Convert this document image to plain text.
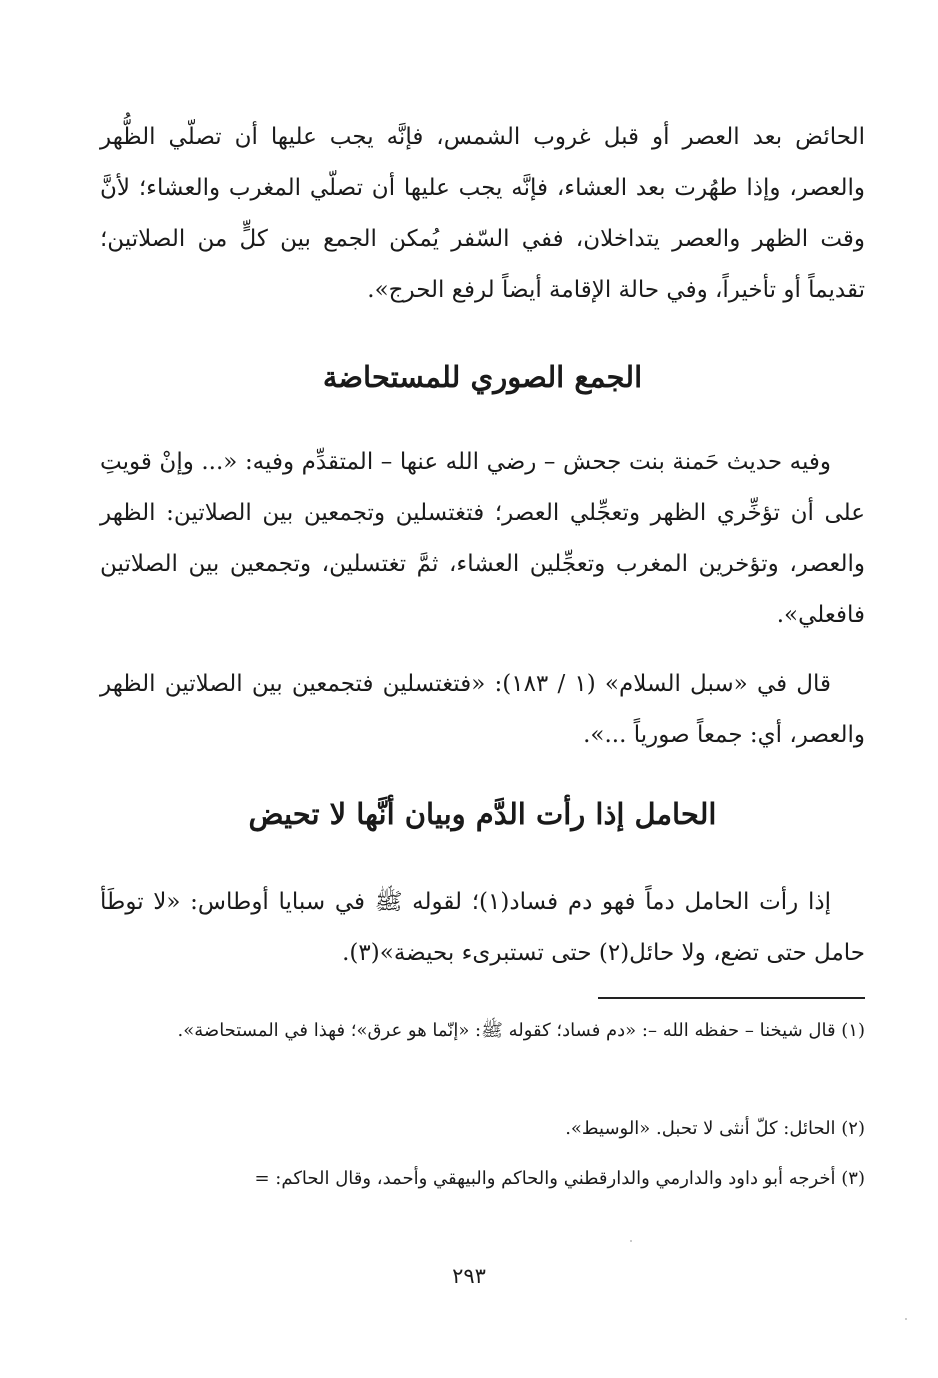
الحائض بعد العصر أو قبل غروب الشمس، فإنَّه يجب عليها أن تصلّي الظُّهر والعصر، وإذا طهُرت بعد العشاء، فإنَّه يجب عليها أن تصلّي المغرب والعشاء؛ لأنَّ وقت الظهر والعصر يتداخلان، ففي السّفر يُمكن الجمع بين كلٍّ من الصلاتين؛ تقديماً أو تأخيراً، وفي حالة الإقامة أيضاً لرفع الحرج».

الجمع الصوري للمستحاضة

وفيه حديث حَمنة بنت جحش – رضي الله عنها – المتقدِّم وفيه: «... وإنْ قويتِ على أن تؤخِّري الظهر وتعجِّلي العصر؛ فتغتسلين وتجمعين بين الصلاتين: الظهر والعصر، وتؤخرين المغرب وتعجِّلين العشاء، ثمَّ تغتسلين، وتجمعين بين الصلاتين فافعلي».

قال في «سبل السلام» (١ / ١٨٣): «فتغتسلين فتجمعين بين الصلاتين الظهر والعصر، أي: جمعاً صورياً ...».

الحامل إذا رأت الدَّم وبيان أنَّها لا تحيض

إذا رأت الحامل دماً فهو دم فساد(١)؛ لقوله ﷺ في سبايا أوطاس: «لا توطَأ حامل حتى تضع، ولا حائل(٢) حتى تستبرىء بحيضة»(٣).

(١) قال شيخنا – حفظه الله –: «دم فساد؛ كقوله ﷺ: «إنّما هو عرق»؛ فهذا في المستحاضة».

(٢) الحائل: كلّ أنثى لا تحبل. «الوسيط».

(٣) أخرجه أبو داود والدارمي والدارقطني والحاكم والبيهقي وأحمد، وقال الحاكم: =

٢٩٣
